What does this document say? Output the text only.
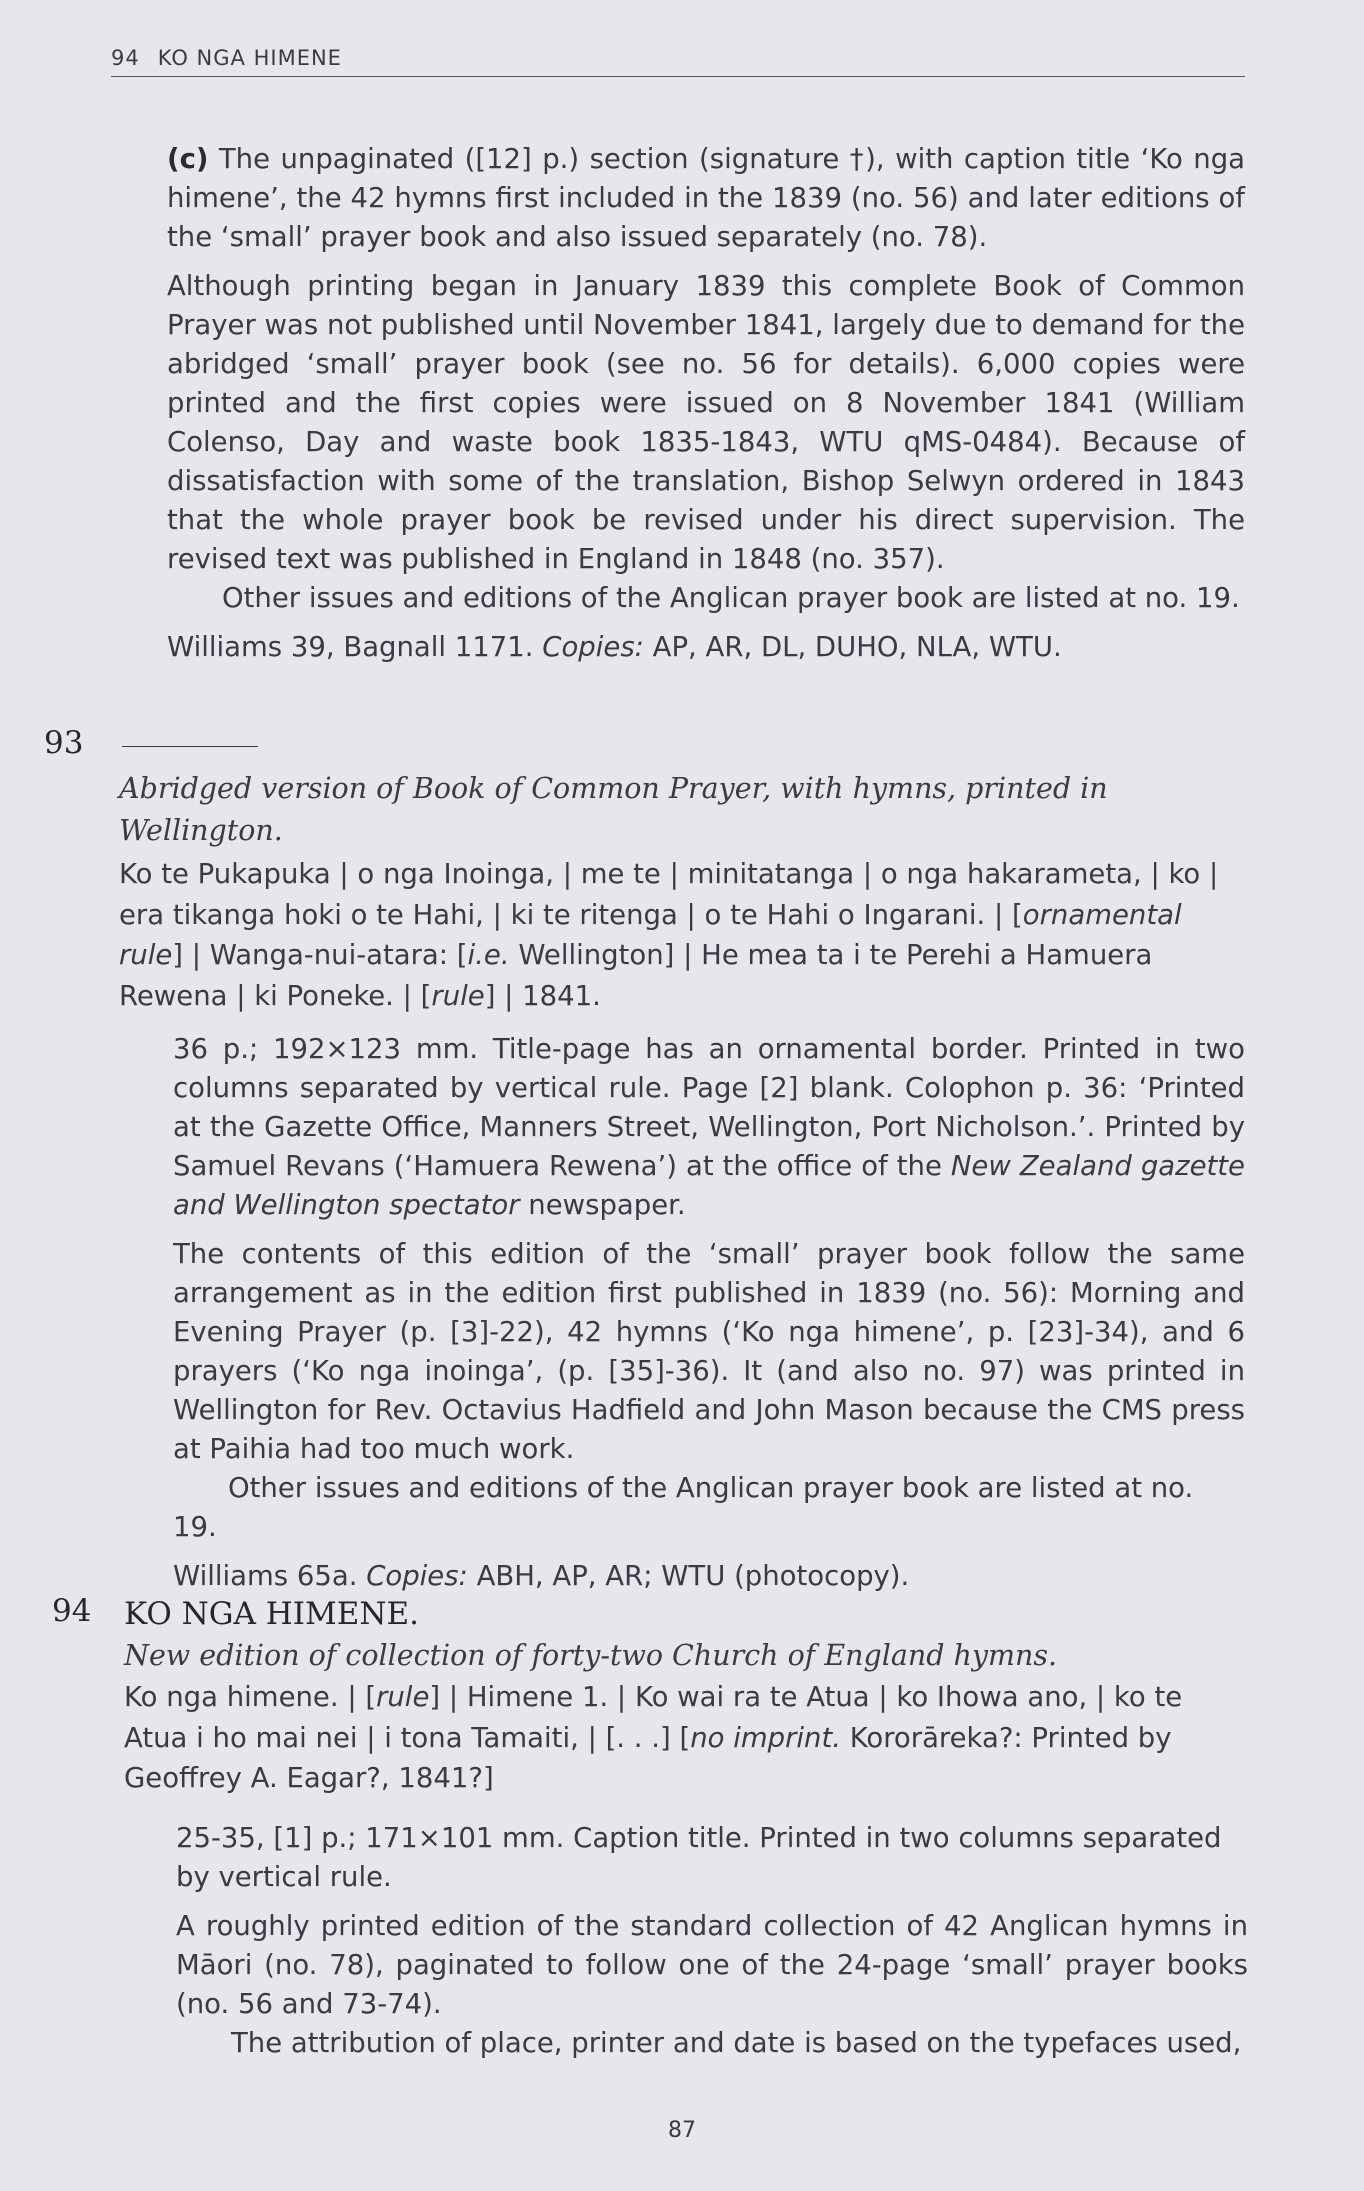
94 KO NGA HIMENE

(c) The unpaginated ([12] p.) section (signature †), with caption title ‘Ko nga himene’, the 42 hymns first included in the 1839 (no. 56) and later editions of the ‘small’ prayer book and also issued separately (no. 78).

Although printing began in January 1839 this complete Book of Common Prayer was not published until November 1841, largely due to demand for the abridged ‘small’ prayer book (see no. 56 for details). 6,000 copies were printed and the first copies were issued on 8 November 1841 (William Colenso, Day and waste book 1835-1843, WTU qMS-0484). Because of dissatisfaction with some of the translation, Bishop Selwyn ordered in 1843 that the whole prayer book be revised under his direct supervision. The revised text was published in England in 1848 (no. 357).

Other issues and editions of the Anglican prayer book are listed at no. 19.

Williams 39, Bagnall 1171. Copies: AP, AR, DL, DUHO, NLA, WTU.

93

Abridged version of Book of Common Prayer, with hymns, printed in Wellington.

Ko te Pukapuka | o nga Inoinga, | me te | minitatanga | o nga hakarameta, | ko | era tikanga hoki o te Hahi, | ki te ritenga | o te Hahi o Ingarani. | [ornamental rule] | Wanga-nui-atara: [i.e. Wellington] | He mea ta i te Perehi a Hamuera Rewena | ki Poneke. | [rule] | 1841.

36 p.; 192×123 mm. Title-page has an ornamental border. Printed in two columns separated by vertical rule. Page [2] blank. Colophon p. 36: ‘Printed at the Gazette Office, Manners Street, Wellington, Port Nicholson.’. Printed by Samuel Revans (‘Hamuera Rewena’) at the office of the New Zealand gazette and Wellington spectator newspaper.

The contents of this edition of the ‘small’ prayer book follow the same arrangement as in the edition first published in 1839 (no. 56): Morning and Evening Prayer (p. [3]-22), 42 hymns (‘Ko nga himene’, p. [23]-34), and 6 prayers (‘Ko nga inoinga’, (p. [35]-36). It (and also no. 97) was printed in Wellington for Rev. Octavius Hadfield and John Mason because the CMS press at Paihia had too much work.

Other issues and editions of the Anglican prayer book are listed at no. 19.

Williams 65a. Copies: ABH, AP, AR; WTU (photocopy).

94 KO NGA HIMENE.

New edition of collection of forty-two Church of England hymns.

Ko nga himene. | [rule] | Himene 1. | Ko wai ra te Atua | ko Ihowa ano, | ko te Atua i ho mai nei | i tona Tamaiti, | [. . .] [no imprint. Kororāreka?: Printed by Geoffrey A. Eagar?, 1841?]

25-35, [1] p.; 171×101 mm. Caption title. Printed in two columns separated by vertical rule.

A roughly printed edition of the standard collection of 42 Anglican hymns in Māori (no. 78), paginated to follow one of the 24-page ‘small’ prayer books (no. 56 and 73-74).

The attribution of place, printer and date is based on the typefaces used,

87
